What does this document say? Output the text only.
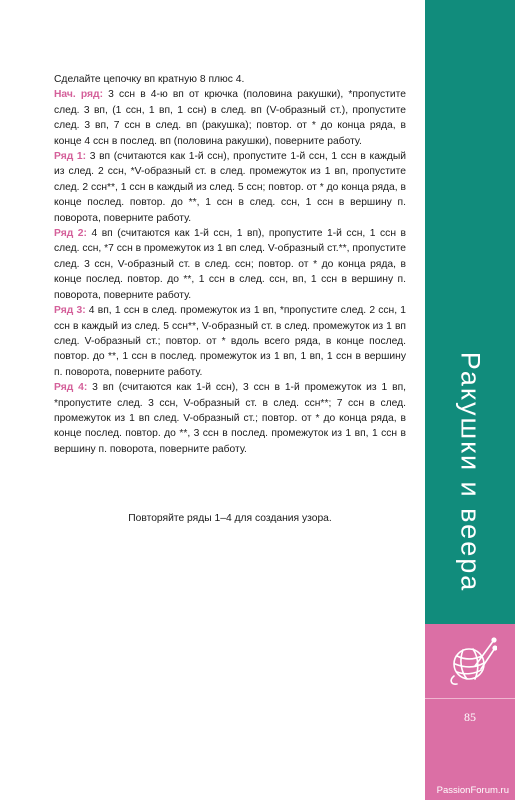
Сделайте цепочку вп кратную 8 плюс 4.

Нач. ряд: 3 ссн в 4-ю вп от крючка (половина ракушки), *пропустите след. 3 вп, (1 ссн, 1 вп, 1 ссн) в след. вп (V-образный ст.), пропустите след. 3 вп, 7 ссн в след. вп (ракушка); повтор. от * до конца ряда, в конце 4 ссн в послед. вп (половина ракушки), поверните работу.

Ряд 1: 3 вп (считаются как 1-й ссн), пропустите 1-й ссн, 1 ссн в каждый из след. 2 ссн, *V-образный ст. в след. промежуток из 1 вп, пропустите след. 2 ссн**, 1 ссн в каждый из след. 5 ссн; повтор. от * до конца ряда, в конце послед. повтор. до **, 1 ссн в след. ссн, 1 ссн в вершину п. поворота, поверните работу.

Ряд 2: 4 вп (считаются как 1-й ссн, 1 вп), пропустите 1-й ссн, 1 ссн в след. ссн, *7 ссн в промежуток из 1 вп след. V-образный ст.**, пропустите след. 3 ссн, V-образный ст. в след. ссн; повтор. от * до конца ряда, в конце послед. повтор. до **, 1 ссн в след. ссн, вп, 1 ссн в вершину п. поворота, поверните работу.

Ряд 3: 4 вп, 1 ссн в след. промежуток из 1 вп, *пропустите след. 2 ссн, 1 ссн в каждый из след. 5 ссн**, V-образный ст. в след. промежуток из 1 вп след. V-образный ст.; повтор. от * вдоль всего ряда, в конце послед. повтор. до **, 1 ссн в послед. промежуток из 1 вп, 1 вп, 1 ссн в вершину п. поворота, поверните работу.

Ряд 4: 3 вп (считаются как 1-й ссн), 3 ссн в 1-й промежуток из 1 вп, *пропустите след. 3 ссн, V-образный ст. в след. ссн**; 7 ссн в след. промежуток из 1 вп след. V-образный ст.; повтор. от * до конца ряда, в конце послед. повтор. до **, 3 ссн в послед. промежуток из 1 вп, 1 ссн в вершину п. поворота, поверните работу.

Повторяйте ряды 1–4 для создания узора.	Ракушки и веера
85
PassionForum.ru
